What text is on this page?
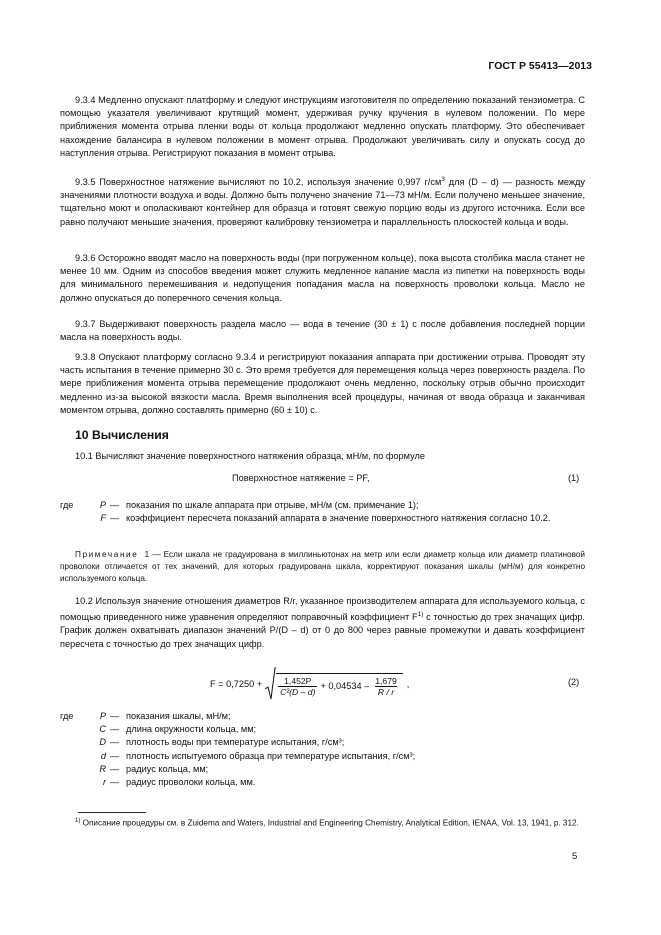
ГОСТ Р 55413—2013
9.3.4 Медленно опускают платформу и следуют инструкциям изготовителя по определению показаний тензиометра. С помощью указателя увеличивают крутящий момент, удерживая ручку кручения в нулевом положении. По мере приближения момента отрыва пленки воды от кольца продолжают медленно опускать платформу. Это обеспечивает нахождение балансира в нулевом положении в момент отрыва. Продолжают увеличивать силу и опускать сосуд до наступления отрыва. Регистрируют показания в момент отрыва.
9.3.5 Поверхностное натяжение вычисляют по 10.2, используя значение 0,997 $г/см^3$ для (D – d) — разность между значениями плотности воздуха и воды. Должно быть получено значение 71—73 мН/м. Если получено меньшее значение, тщательно моют и ополаскивают контейнер для образца и готовят свежую порцию воды из другого источника. Если все равно получают меньшие значения, проверяют калибровку тензиометра и параллельность плоскостей кольца и воды.
9.3.6 Осторожно вводят масло на поверхность воды (при погруженном кольце), пока высота столбика масла станет не менее 10 мм. Одним из способов введения может служить медленное капание масла из пипетки на поверхность воды для минимального перемешивания и недопущения попадания масла на поверхность проволоки кольца. Масло не должно опускаться до поперечного сечения кольца.
9.3.7 Выдерживают поверхность раздела масло — вода в течение (30 ± 1) с после добавления последней порции масла на поверхность воды.
9.3.8 Опускают платформу согласно 9.3.4 и регистрируют показания аппарата при достижении отрыва. Проводят эту часть испытания в течение примерно 30 с. Это время требуется для перемещения кольца через поверхность раздела. По мере приближения момента отрыва перемещение продолжают очень медленно, поскольку отрыв обычно происходит медленно из-за высокой вязкости масла. Время выполнения всей процедуры, начиная от ввода образца и заканчивая моментом отрыва, должно составлять примерно (60 ± 10) с.
10 Вычисления
10.1 Вычисляют значение поверхностного натяжения образца, мН/м, по формуле
Поверхностное натяжение = PF,	(1)
где	P — показания по шкале аппарата при отрыве, мН/м (см. примечание 1);
F — коэффициент пересчета показаний аппарата в значение поверхностного натяжения согласно 10.2.
Примечание 1 — Если шкала не градуирована в миллиньютонах на метр или если диаметр кольца или диаметр платиновой проволоки отличается от тех значений, для которых градуирована шкала, корректируют показания шкалы (мН/м) для конкретно используемого кольца.
10.2 Используя значение отношения диаметров R/r, указанное производителем аппарата для используемого кольца, с помощью приведенного ниже уравнения определяют поправочный коэффициент $F^{1)}$ с точностью до трех значащих цифр. График должен охватывать диапазон значений P/(D – d) от 0 до 800 через равные промежутки и давать коэффициент пересчета с точностью до трех значащих цифр.
$F = 0,7250 + \frac{1,452P}{\text{C²(D – d)}} + 0,04534 - \frac{1,679}{R / r}$ ,	(2)
где	P — показания шкалы, мН/м;
C — длина окружности кольца, мм;
D — плотность воды при температуре испытания, г/см³;
d — плотность испытуемого образца при температуре испытания, г/см³;
R — радиус кольца, мм;
r — радиус проволоки кольца, мм.
$^{1)}$ Описание процедуры см. в Zuidema and Waters, Industrial and Engineering Chemistry, Analytical Edition, IENAA, Vol. 13, 1941, p. 312.
5
